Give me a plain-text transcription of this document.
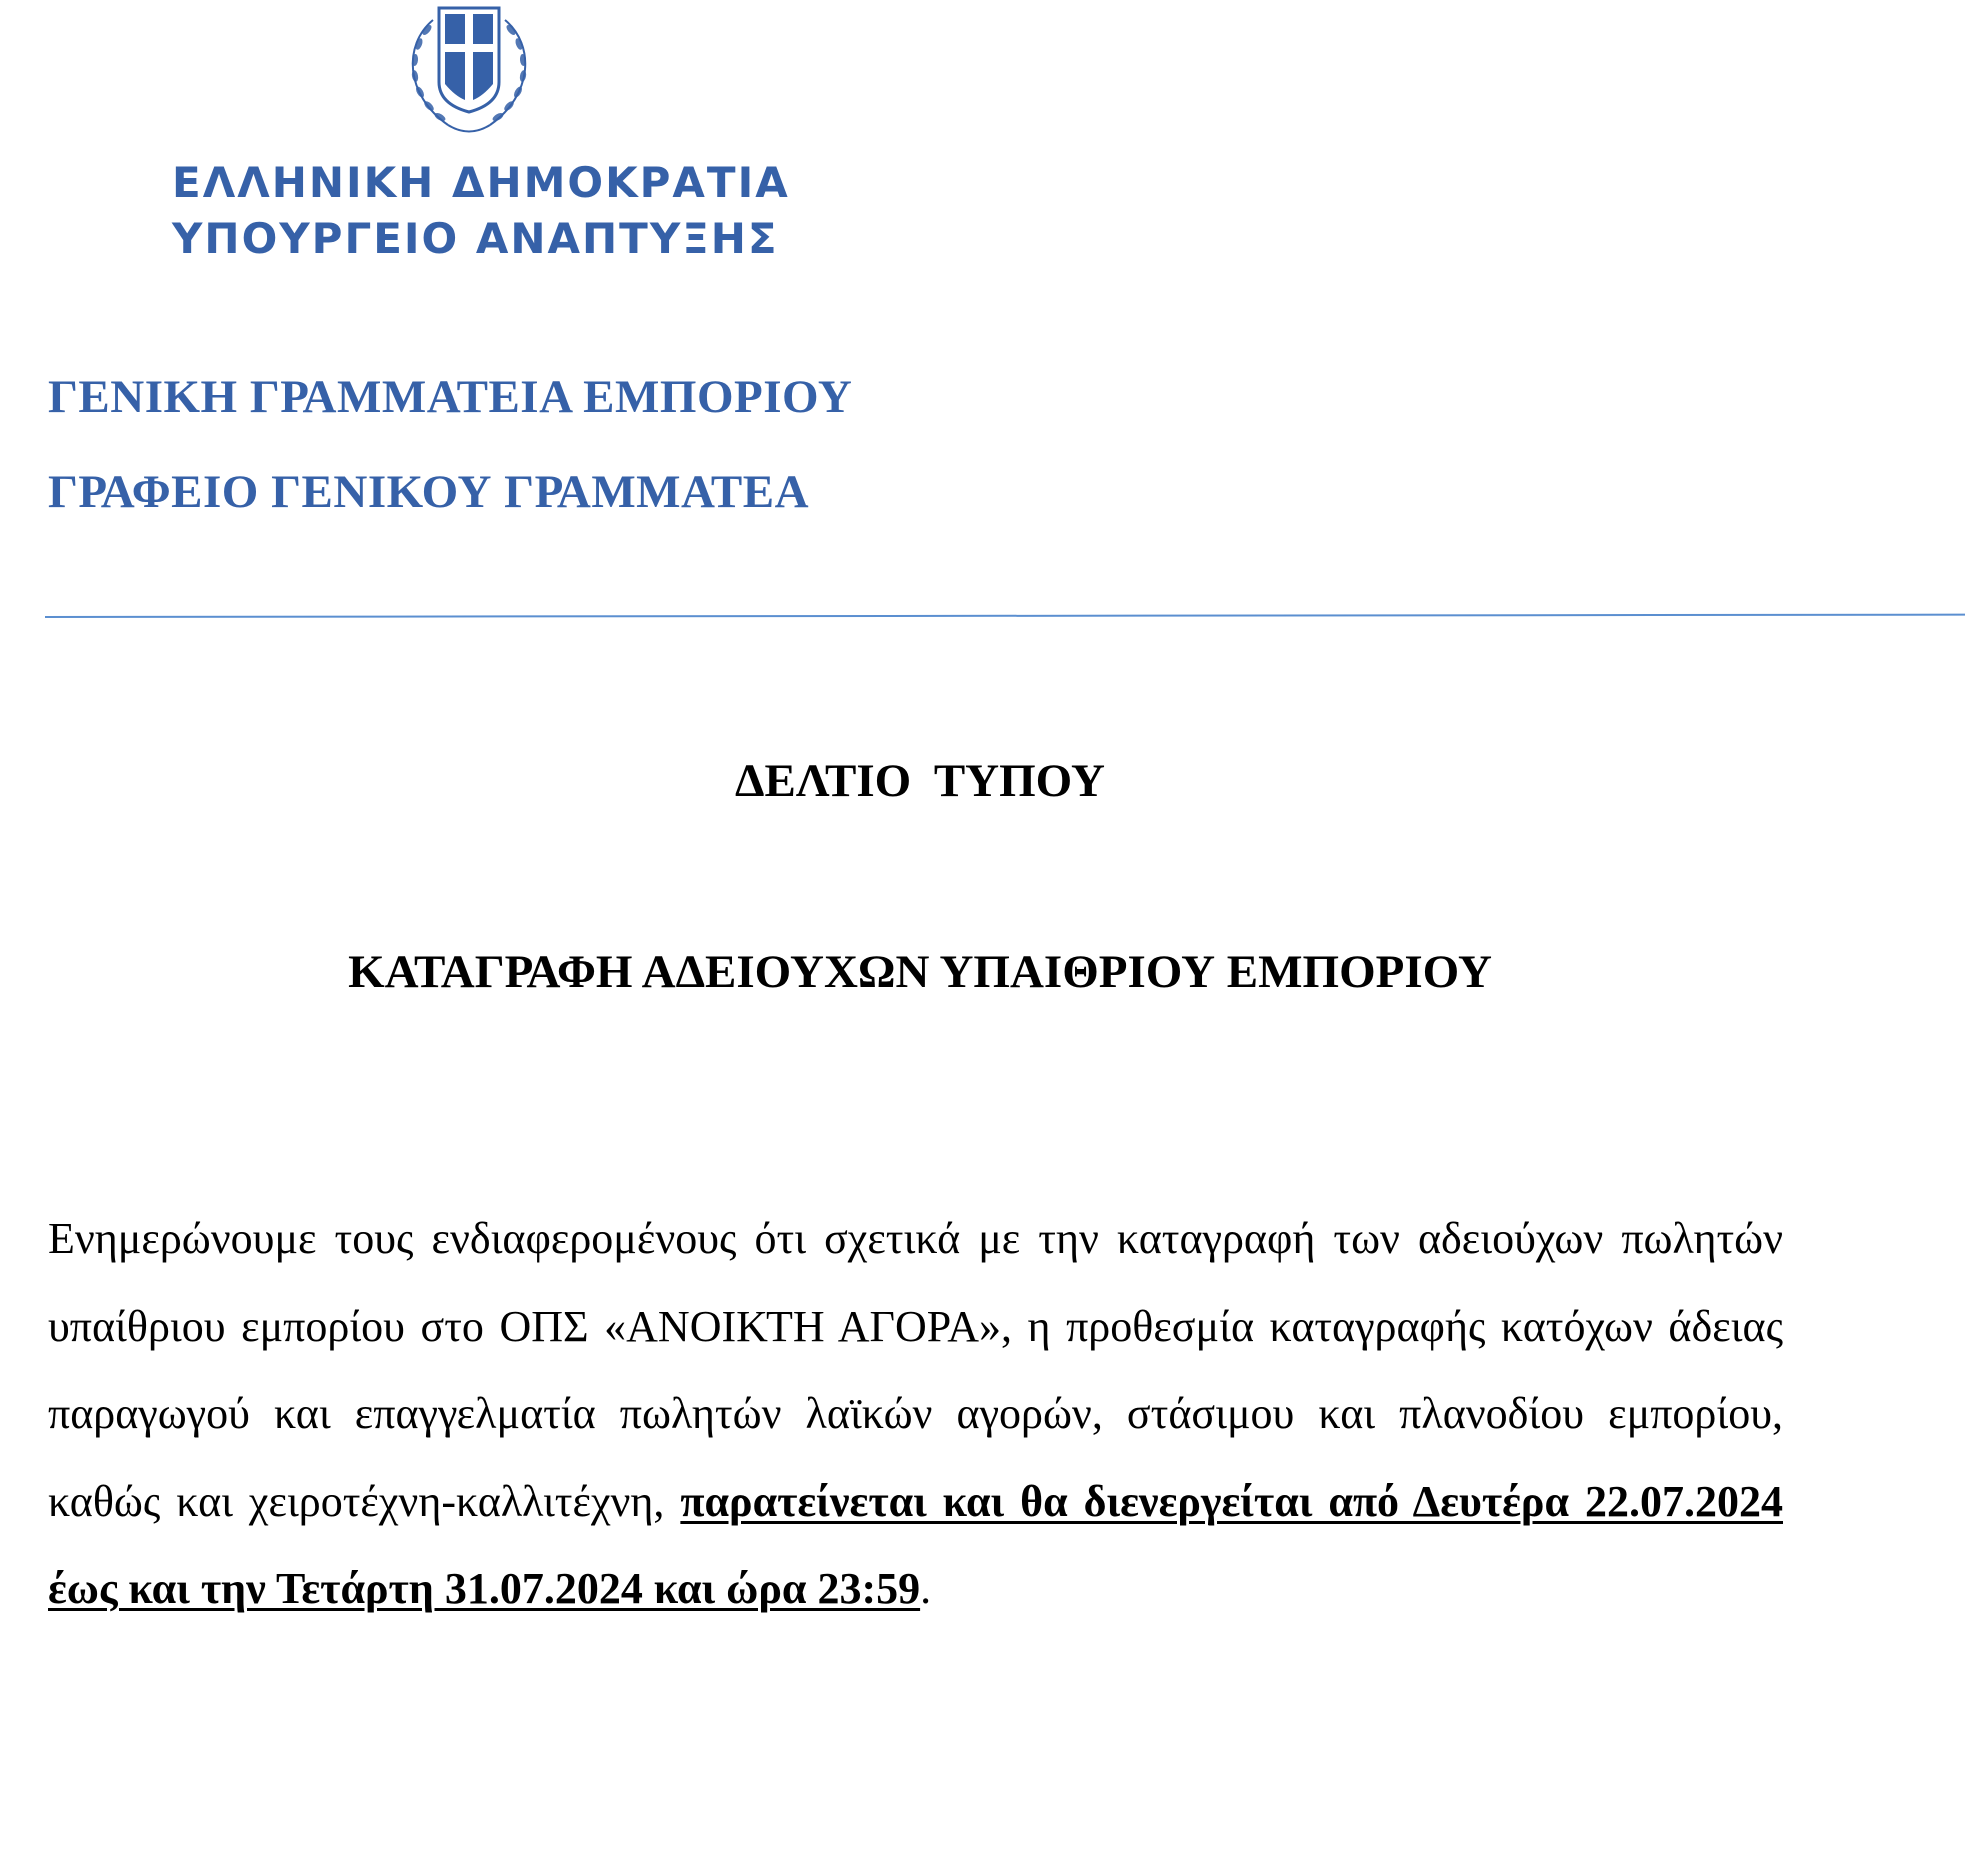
ΕΛΛΗΝΙΚΗ ΔΗΜΟΚΡΑΤΙΑ
ΥΠΟΥΡΓΕΙΟ ΑΝΑΠΤΥΞΗΣ
ΓΕΝΙΚΗ ΓΡΑΜΜΑΤΕΙΑ ΕΜΠΟΡΙΟΥ
ΓΡΑΦΕΙΟ ΓΕΝΙΚΟΥ ΓΡΑΜΜΑΤΕΑ
ΔΕΛΤΙΟ  ΤΥΠΟΥ
ΚΑΤΑΓΡΑΦΗ ΑΔΕΙΟΥΧΩΝ ΥΠΑΙΘΡΙΟΥ ΕΜΠΟΡΙΟΥ
Ενημερώνουμε τους ενδιαφερομένους ότι σχετικά με την καταγραφή των αδειούχων πωλητών υπαίθριου εμπορίου στο ΟΠΣ «ΑΝΟΙΚΤΗ ΑΓΟΡΑ», η προθεσμία καταγραφής κατόχων άδειας παραγωγού και επαγγελματία πωλητών λαϊκών αγορών, στάσιμου και πλανοδίου εμπορίου, καθώς και χειροτέχνη-καλλιτέχνη, παρατείνεται και θα διενεργείται από Δευτέρα 22.07.2024 έως και την Τετάρτη 31.07.2024 και ώρα 23:59.
